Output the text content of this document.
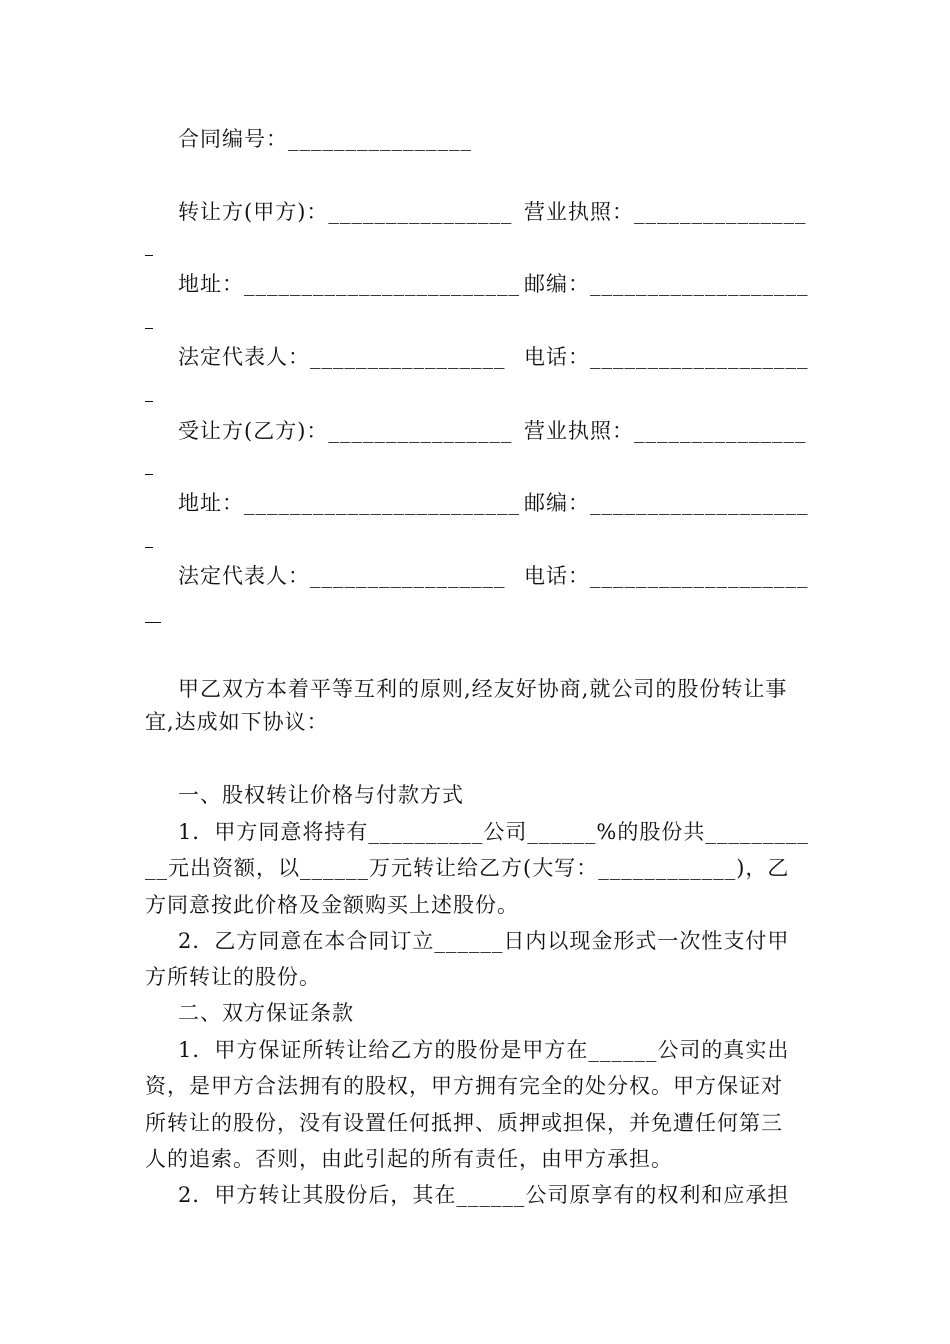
合同编号：________________
转让方(甲方)：________________ 营业执照：_______________
地址：________________________ 邮编：___________________
法定代表人：_________________ 电话：___________________
受让方(乙方)：________________ 营业执照：_______________
地址：________________________ 邮编：___________________
法定代表人：_________________ 电话：___________________
甲乙双方本着平等互利的原则,经友好协商,就公司的股份转让事
宜,达成如下协议：
一、股权转让价格与付款方式
1．甲方同意将持有__________公司______%的股份共_________
__元出资额，以______万元转让给乙方(大写：____________)，乙
方同意按此价格及金额购买上述股份。
2．乙方同意在本合同订立______日内以现金形式一次性支付甲
方所转让的股份。
二、双方保证条款
1．甲方保证所转让给乙方的股份是甲方在______公司的真实出
资，是甲方合法拥有的股权，甲方拥有完全的处分权。甲方保证对
所转让的股份，没有设置任何抵押、质押或担保，并免遭任何第三
人的追索。否则，由此引起的所有责任，由甲方承担。
2．甲方转让其股份后，其在______公司原享有的权利和应承担
